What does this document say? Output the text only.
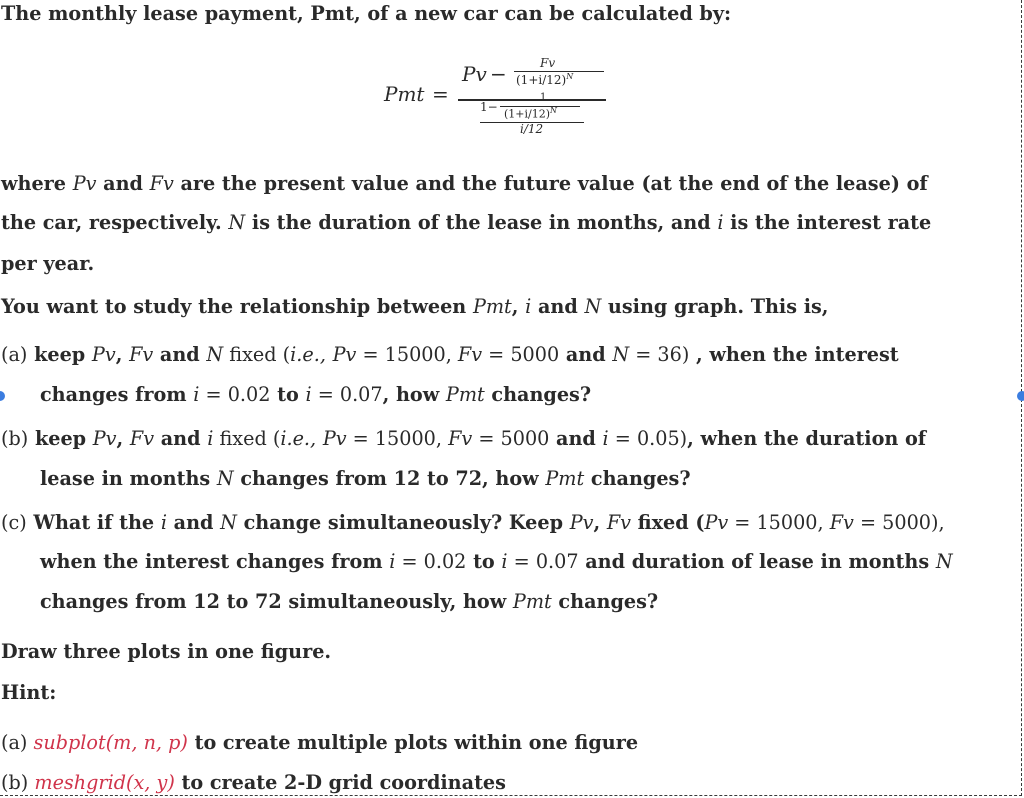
The monthly lease payment, Pmt, of a new car can be calculated by:
Pmt =
Pv −	Fv
$(1+i/12)^N$
1−
1
$(1+i/12)^N$
i/12
where Pv and Fv are the present value and the future value (at the end of the lease) of
the car, respectively. N is the duration of the lease in months, and i is the interest rate
per year.
You want to study the relationship between Pmt, i and N using graph. This is,
(a) keep Pv, Fv and N fixed (i.e., Pv = 15000, Fv = 5000 and N = 36) , when the interest
changes from i = 0.02 to i = 0.07, how Pmt changes?
(b) keep Pv, Fv and i fixed (i.e., Pv = 15000, Fv = 5000 and i = 0.05), when the duration of
lease in months N changes from 12 to 72, how Pmt changes?
(c) What if the i and N change simultaneously? Keep Pv, Fv fixed (Pv = 15000, Fv = 5000),
when the interest changes from i = 0.02 to i = 0.07 and duration of lease in months N
changes from 12 to 72 simultaneously, how Pmt changes?
Draw three plots in one figure.
Hint:
(a) subplot(m, n, p) to create multiple plots within one figure
(b) meshgrid(x, y) to create 2-D grid coordinates
